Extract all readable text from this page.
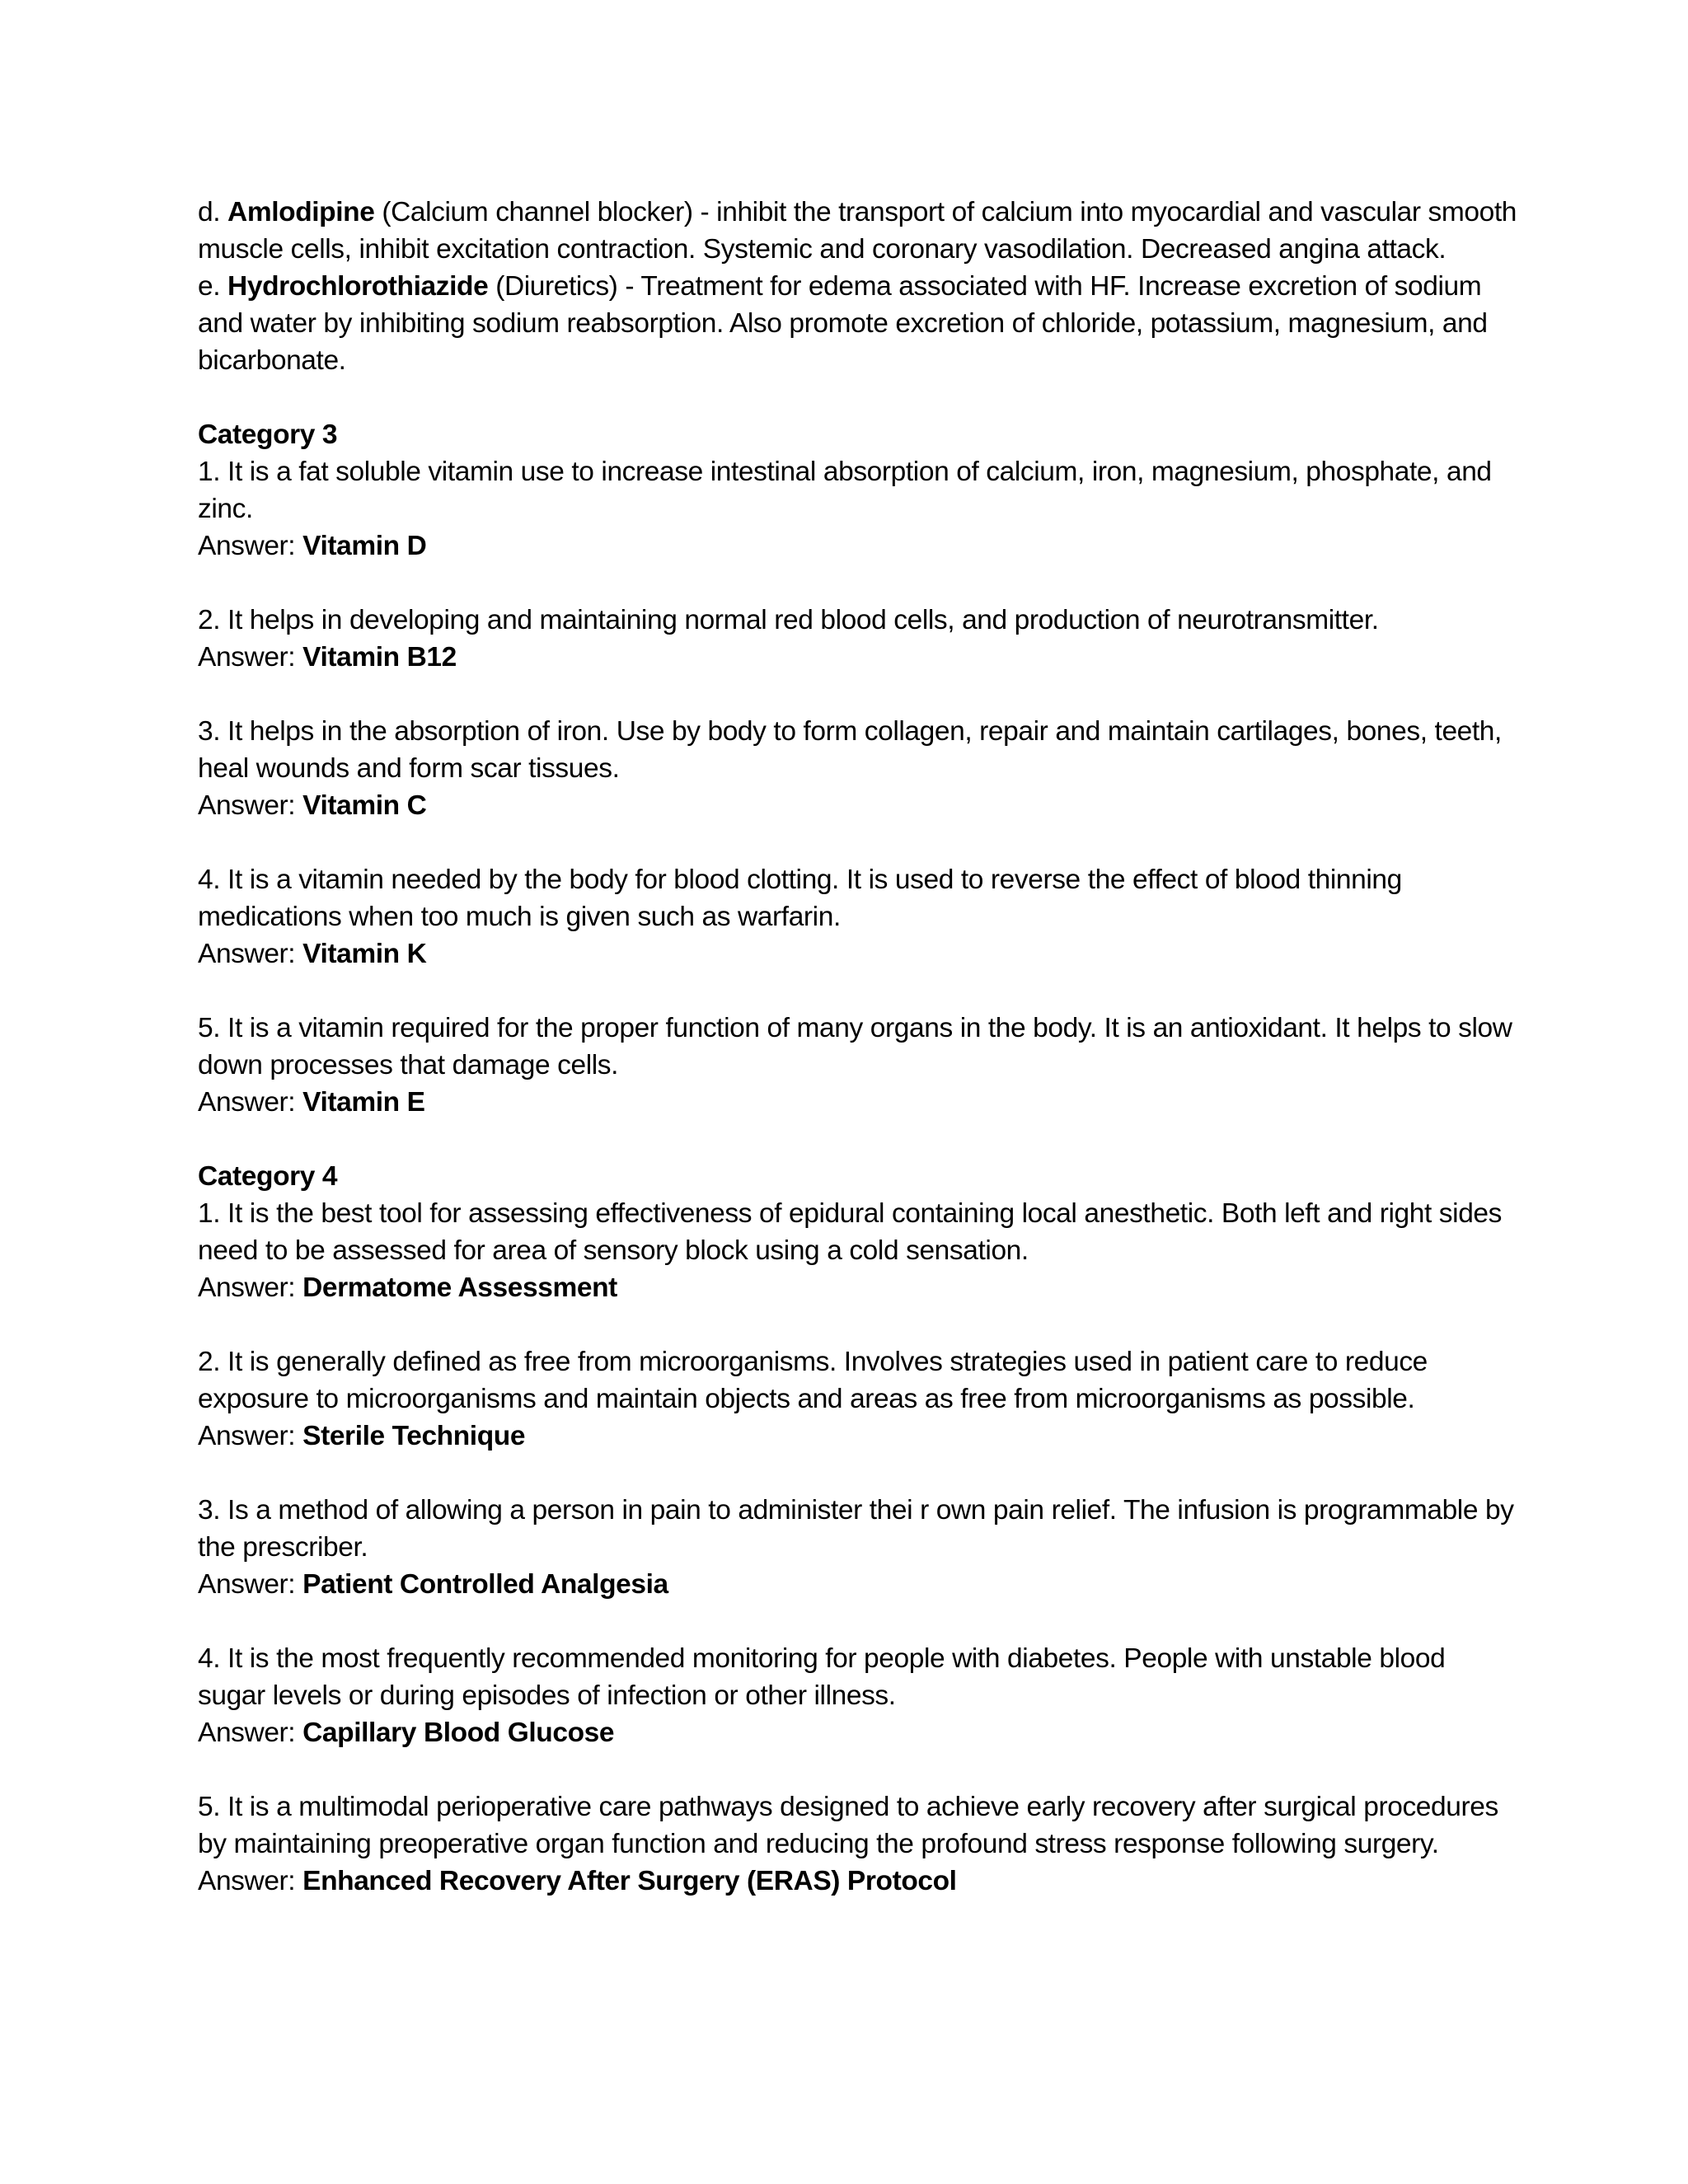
d. Amlodipine (Calcium channel blocker) - inhibit the transport of calcium into myocardial and vascular smooth muscle cells, inhibit excitation contraction. Systemic and coronary vasodilation. Decreased angina attack.

e. Hydrochlorothiazide (Diuretics) - Treatment for edema associated with HF. Increase excretion of sodium and water by inhibiting sodium reabsorption. Also promote excretion of chloride, potassium, magnesium, and bicarbonate.

Category 3

1. It is a fat soluble vitamin use to increase intestinal absorption of calcium, iron, magnesium, phosphate, and zinc.

Answer: Vitamin D

2. It helps in developing and maintaining normal red blood cells, and production of neurotransmitter.

Answer: Vitamin B12

3. It helps in the absorption of iron. Use by body to form collagen, repair and maintain cartilages, bones, teeth, heal wounds and form scar tissues.

Answer: Vitamin C

4. It is a vitamin needed by the body for blood clotting. It is used to reverse the effect of blood thinning medications when too much is given such as warfarin.

Answer: Vitamin K

5. It is a vitamin required for the proper function of many organs in the body. It is an antioxidant. It helps to slow down processes that damage cells.

Answer: Vitamin E

Category 4

1. It is the best tool for assessing effectiveness of epidural containing local anesthetic. Both left and right sides need to be assessed for area of sensory block using a cold sensation.

Answer: Dermatome Assessment

2. It is generally defined as free from microorganisms. Involves strategies used in patient care to reduce exposure to microorganisms and maintain objects and areas as free from microorganisms as possible.

Answer: Sterile Technique

3. Is a method of allowing a person in pain to administer thei r own pain relief. The infusion is programmable by the prescriber.

Answer: Patient Controlled Analgesia

4. It is the most frequently recommended monitoring for people with diabetes. People with unstable blood sugar levels or during episodes of infection or other illness.

Answer: Capillary Blood Glucose

5. It is a multimodal perioperative care pathways designed to achieve early recovery after surgical procedures by maintaining preoperative organ function and reducing the profound stress response following surgery.

Answer: Enhanced Recovery After Surgery (ERAS) Protocol
